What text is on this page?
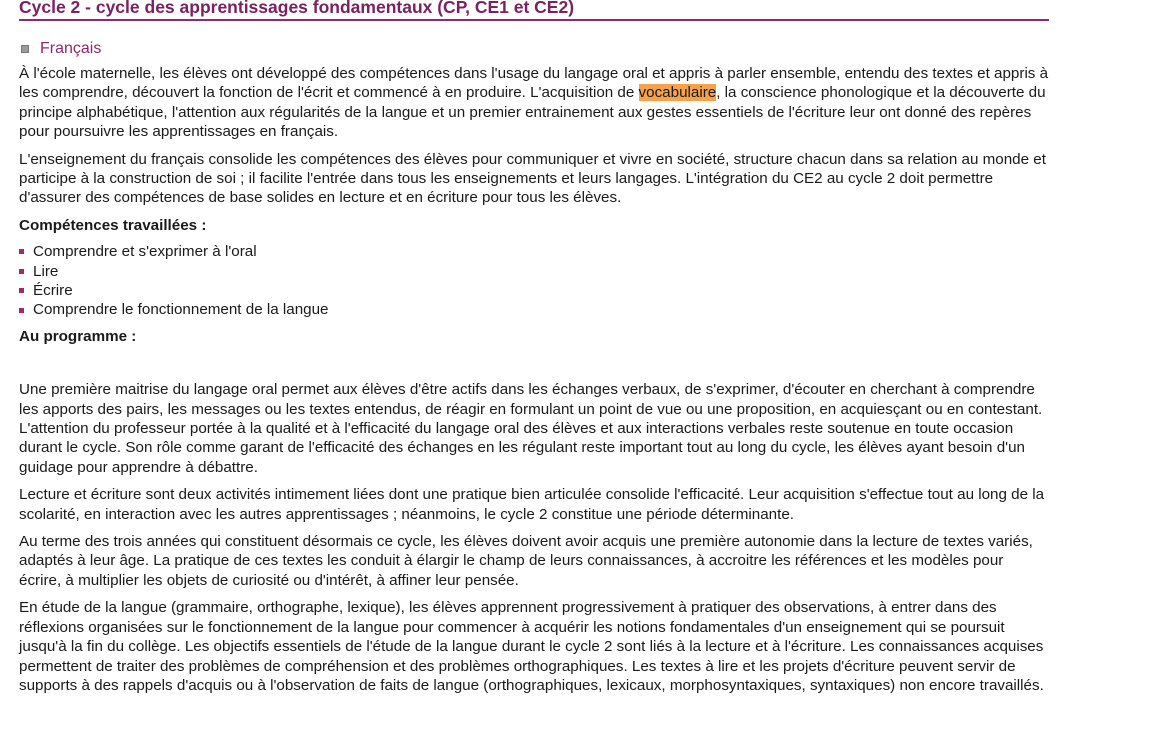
Cycle 2 - cycle des apprentissages fondamentaux (CP, CE1 et CE2)
Français

À l'école maternelle, les élèves ont développé des compétences dans l'usage du langage oral et appris à parler ensemble, entendu des textes et appris à les comprendre, découvert la fonction de l'écrit et commencé à en produire. L'acquisition de vocabulaire, la conscience phonologique et la découverte du principe alphabétique, l'attention aux régularités de la langue et un premier entrainement aux gestes essentiels de l'écriture leur ont donné des repères pour poursuivre les apprentissages en français.

L'enseignement du français consolide les compétences des élèves pour communiquer et vivre en société, structure chacun dans sa relation au monde et participe à la construction de soi ; il facilite l'entrée dans tous les enseignements et leurs langages. L'intégration du CE2 au cycle 2 doit permettre d'assurer des compétences de base solides en lecture et en écriture pour tous les élèves.

Compétences travaillées :
Comprendre et s'exprimer à l'oral
Lire
Écrire
Comprendre le fonctionnement de la langue
Au programme :

Une première maitrise du langage oral permet aux élèves d'être actifs dans les échanges verbaux, de s'exprimer, d'écouter en cherchant à comprendre les apports des pairs, les messages ou les textes entendus, de réagir en formulant un point de vue ou une proposition, en acquiesçant ou en contestant. L'attention du professeur portée à la qualité et à l'efficacité du langage oral des élèves et aux interactions verbales reste soutenue en toute occasion durant le cycle. Son rôle comme garant de l'efficacité des échanges en les régulant reste important tout au long du cycle, les élèves ayant besoin d'un guidage pour apprendre à débattre.

Lecture et écriture sont deux activités intimement liées dont une pratique bien articulée consolide l'efficacité. Leur acquisition s'effectue tout au long de la scolarité, en interaction avec les autres apprentissages ; néanmoins, le cycle 2 constitue une période déterminante.

Au terme des trois années qui constituent désormais ce cycle, les élèves doivent avoir acquis une première autonomie dans la lecture de textes variés, adaptés à leur âge. La pratique de ces textes les conduit à élargir le champ de leurs connaissances, à accroitre les références et les modèles pour écrire, à multiplier les objets de curiosité ou d'intérêt, à affiner leur pensée.

En étude de la langue (grammaire, orthographe, lexique), les élèves apprennent progressivement à pratiquer des observations, à entrer dans des réflexions organisées sur le fonctionnement de la langue pour commencer à acquérir les notions fondamentales d'un enseignement qui se poursuit jusqu'à la fin du collège. Les objectifs essentiels de l'étude de la langue durant le cycle 2 sont liés à la lecture et à l'écriture. Les connaissances acquises permettent de traiter des problèmes de compréhension et des problèmes orthographiques. Les textes à lire et les projets d'écriture peuvent servir de supports à des rappels d'acquis ou à l'observation de faits de langue (orthographiques, lexicaux, morphosyntaxiques, syntaxiques) non encore travaillés.
